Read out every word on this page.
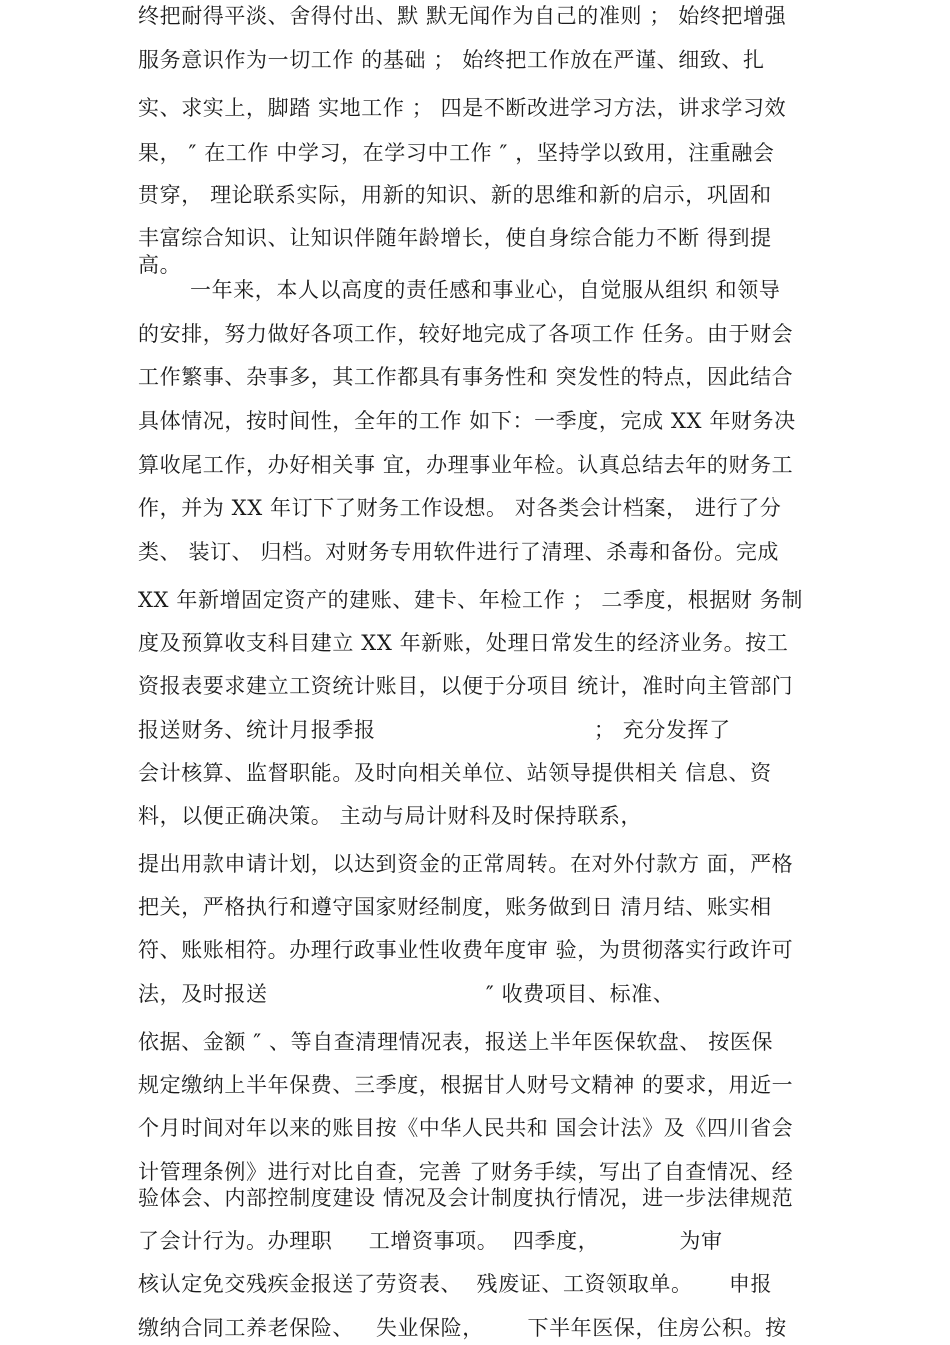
终把耐得平淡、舍得付出、默 默无闻作为自己的准则 ； 始终把增强
服务意识作为一切工作 的基础 ； 始终把工作放在严谨、细致、扎
实、求实上，脚踏 实地工作 ； 四是不断改进学习方法，讲求学习效
果， ″ 在工作 中学习，在学习中工作 ″ ，坚持学以致用，注重融会
贯穿， 理论联系实际，用新的知识、新的思维和新的启示，巩固和
丰富综合知识、让知识伴随年龄增长，使自身综合能力不断 得到提
高。
一年来，本人以高度的责任感和事业心，自觉服从组织 和领导
的安排，努力做好各项工作，较好地完成了各项工作 任务。由于财会
工作繁事、杂事多，其工作都具有事务性和 突发性的特点，因此结合
具体情况，按时间性，全年的工作 如下：一季度，完成 XX 年财务决
算收尾工作，办好相关事 宜，办理事业年检。认真总结去年的财务工
作，并为 XX 年订下了财务工作设想。 对各类会计档案， 进行了分
类、 装订、 归档。对财务专用软件进行了清理、杀毒和备份。完成
XX 年新增固定资产的建账、建卡、年检工作 ； 二季度，根据财 务制
度及预算收支科目建立 XX 年新账，处理日常发生的经济业务。按工
资报表要求建立工资统计账目，以便于分项目 统计，准时向主管部门
报送财务、统计月报季报                              ； 充分发挥了
会计核算、监督职能。及时向相关单位、站领导提供相关 信息、资
料，以便正确决策。 主动与局计财科及时保持联系，
提出用款申请计划，以达到资金的正常周转。在对外付款方 面，严格
把关，严格执行和遵守国家财经制度，账务做到日 清月结、账实相
符、账账相符。办理行政事业性收费年度审 验，为贯彻落实行政许可
法，及时报送                              ″ 收费项目、标准、
依据、金额 ″ 、等自查清理情况表，报送上半年医保软盘、 按医保
规定缴纳上半年保费、三季度，根据甘人财号文精神 的要求，用近一
个月时间对年以来的账目按《中华人民共和 国会计法》及《四川省会
计管理条例》进行对比自查，完善 了财务手续，写出了自查情况、经
验体会、内部控制度建设 情况及会计制度执行情况，进一步法律规范
了会计行为。办理职     工增资事项。  四季度，           为审
核认定免交残疾金报送了劳资表、  残废证、工资领取单。     申报
缴纳合同工养老保险、   失业保险，      下半年医保，住房公积。按
